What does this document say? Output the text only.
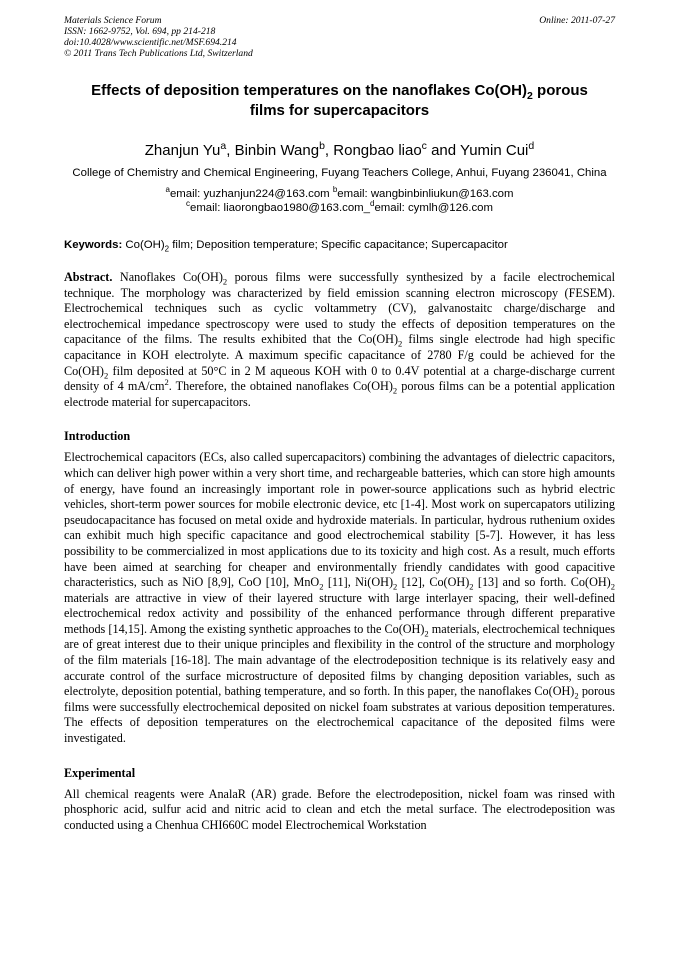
Materials Science Forum
ISSN: 1662-9752, Vol. 694, pp 214-218
doi:10.4028/www.scientific.net/MSF.694.214
© 2011 Trans Tech Publications Ltd, Switzerland
Online: 2011-07-27
Effects of deposition temperatures on the nanoflakes $Co(OH)_2$ porous
films for supercapacitors
Zhanjun Yu$^a$, Binbin Wang$^b$, Rongbao liao$^c$ and Yumin Cui$^d$
College of Chemistry and Chemical Engineering, Fuyang Teachers College, Anhui, Fuyang 236041, China
$^a$email: yuzhanjun224@163.com $^b$email: wangbinbinliukun@163.com
$^c$email: liaorongbao1980@163.com_$^d$email: cymlh@126.com
Keywords: $Co(OH)_2$ film; Deposition temperature; Specific capacitance; Supercapacitor
Abstract. Nanoflakes $Co(OH)_2$ porous films were successfully synthesized by a facile electrochemical technique. The morphology was characterized by field emission scanning electron microscopy (FESEM). Electrochemical techniques such as cyclic voltammetry (CV), galvanostaitc charge/discharge and electrochemical impedance spectroscopy were used to study the effects of deposition temperatures on the capacitance of the films. The results exhibited that the $Co(OH)_2$ films single electrode had high specific capacitance in KOH electrolyte. A maximum specific capacitance of 2780 F/g could be achieved for the $Co(OH)_2$ film deposited at 50°C in 2 M aqueous KOH with 0 to 0.4V potential at a charge-discharge current density of 4 $mA/cm^2$. Therefore, the obtained nanoflakes $Co(OH)_2$ porous films can be a potential application electrode material for supercapacitors.
Introduction

Electrochemical capacitors (ECs, also called supercapacitors) combining the advantages of dielectric capacitors, which can deliver high power within a very short time, and rechargeable batteries, which can store high amounts of energy, have found an increasingly important role in power-source applications such as hybrid electric vehicles, short-term power sources for mobile electronic device, etc [1-4]. Most work on supercapators utilizing pseudocapacitance has focused on metal oxide and hydroxide materials. In particular, hydrous ruthenium oxides can exhibit much high specific capacitance and good electrochemical stability [5-7]. However, it has less possibility to be commercialized in most applications due to its toxicity and high cost. As a result, much efforts have been aimed at searching for cheaper and environmentally friendly candidates with good capacitive characteristics, such as NiO [8,9], CoO [10], MnO$_2$ [11], $Ni(OH)_2$ [12], $Co(OH)_2$ [13] and so forth. $Co(OH)_2$ materials are attractive in view of their layered structure with large interlayer spacing, their well-defined electrochemical redox activity and possibility of the enhanced performance through different preparative methods [14,15]. Among the existing synthetic approaches to the $Co(OH)_2$ materials, electrochemical techniques are of great interest due to their unique principles and flexibility in the control of the structure and morphology of the film materials [16-18]. The main advantage of the electrodeposition technique is its relatively easy and accurate control of the surface microstructure of deposited films by changing deposition variables, such as electrolyte, deposition potential, bathing temperature, and so forth. In this paper, the nanoflakes $Co(OH)_2$ porous films were successfully electrochemical deposited on nickel foam substrates at various deposition temperatures. The effects of deposition temperatures on the electrochemical capacitance of the deposited films were investigated.

Experimental

All chemical reagents were AnalaR (AR) grade. Before the electrodeposition, nickel foam was rinsed with phosphoric acid, sulfur acid and nitric acid to clean and etch the metal surface. The electrodeposition was conducted using a Chenhua CHI660C model Electrochemical Workstation
